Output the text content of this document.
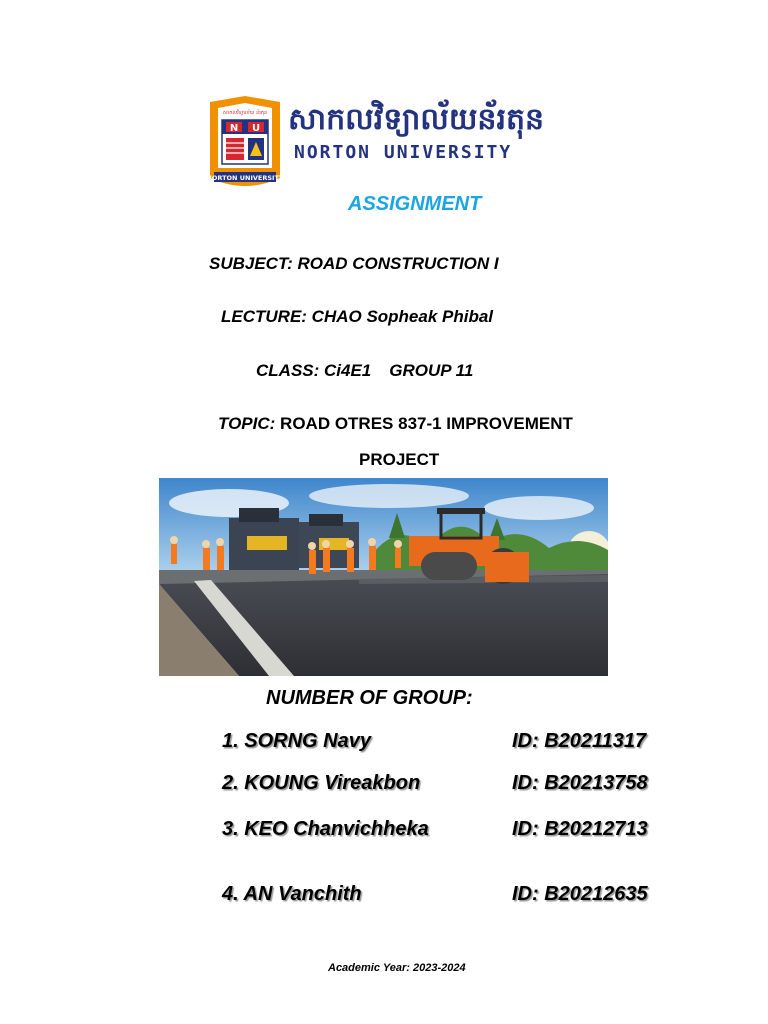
N U
NORTON UNIVERSITY
សាកលវិទ្យាល័យ ន័រតុន សាកលវិទ្យាល័យន័រតុន
NORTON UNIVERSITY
ASSIGNMENT
SUBJECT: ROAD CONSTRUCTION I
LECTURE: CHAO Sopheak Phibal
CLASS: Ci4E1 GROUP 11
TOPIC: ROAD OTRES 837-1 IMPROVEMENT
PROJECT
NUMBER OF GROUP:
1. SORNG Navy	ID: B20211317
2. KOUNG Vireakbon	ID: B20213758
3. KEO Chanvichheka	ID: B20212713
4. AN Vanchith	ID: B20212635
Academic Year: 2023-2024
